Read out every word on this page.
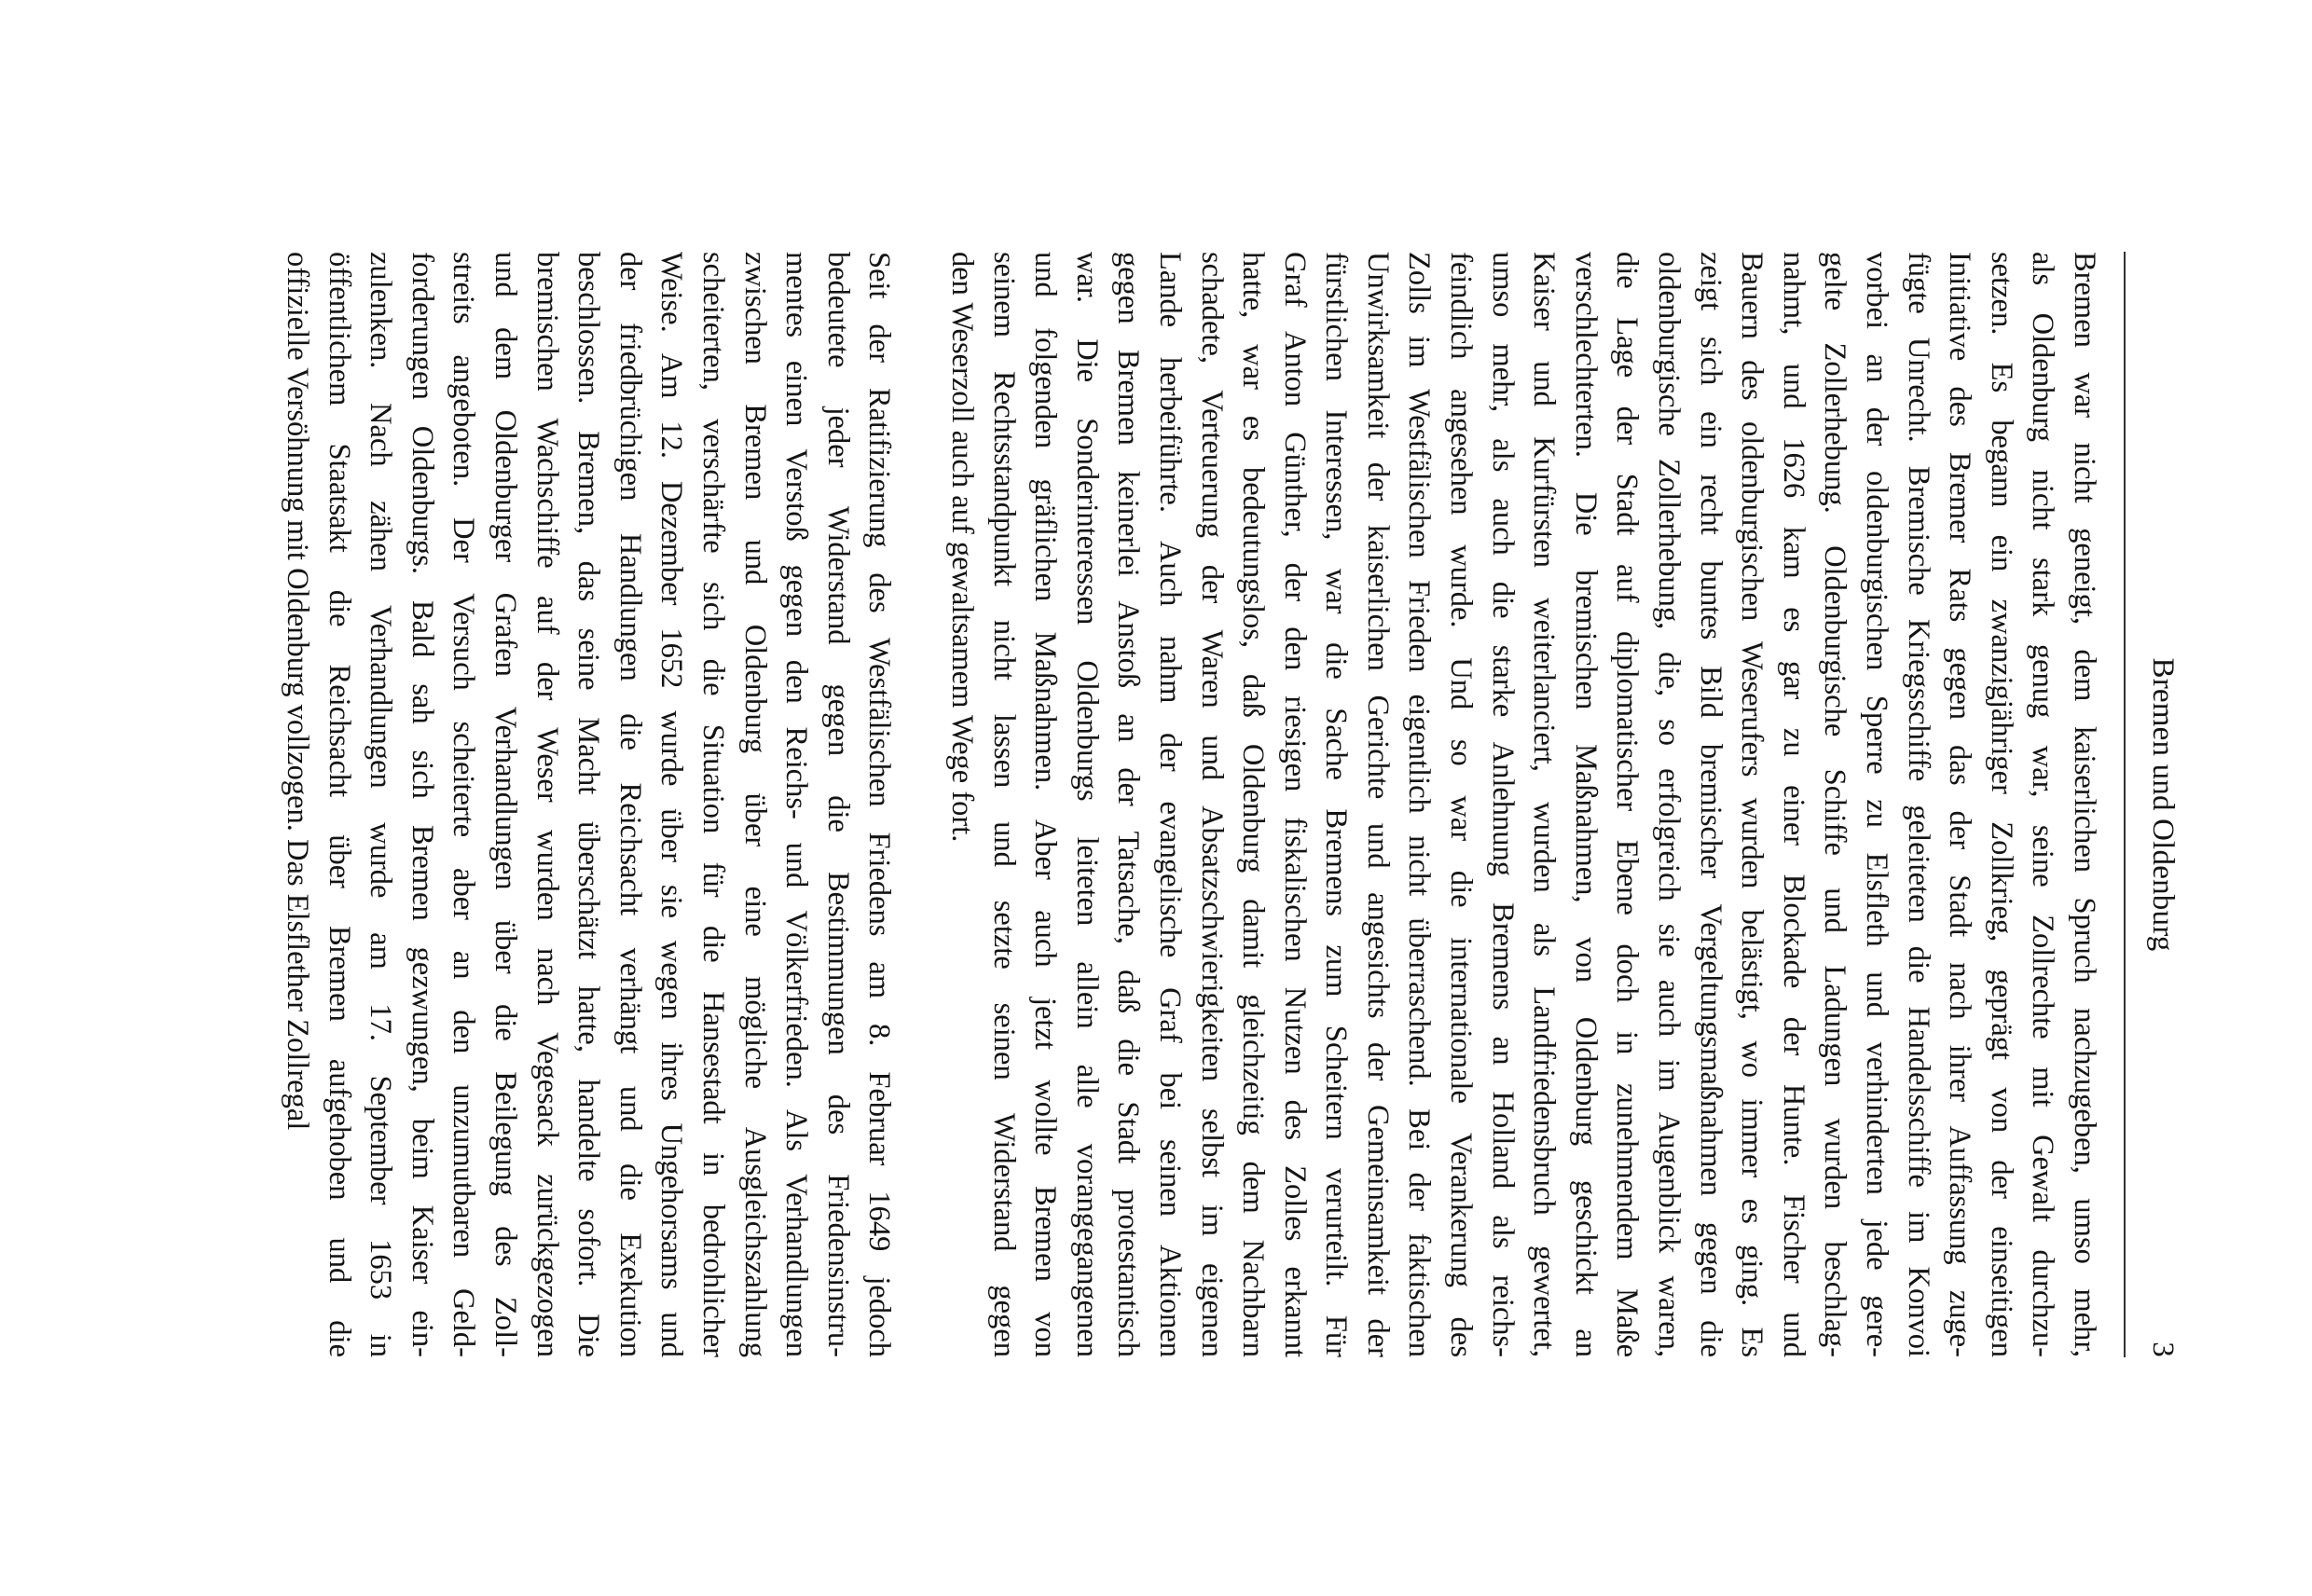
Bremen und Oldenburg
3
Bremen war nicht geneigt, dem kaiserlichen Spruch nachzugeben, umso mehr,
als Oldenburg nicht stark genug war, seine Zollrechte mit Gewalt durchzu-
setzen. Es begann ein zwanzigjähriger Zollkrieg, geprägt von der einseitigen
Initiative des Bremer Rats gegen das der Stadt nach ihrer Auffassung zuge-
fügte Unrecht. Bremische Kriegsschiffe geleiteten die Handelsschiffe im Konvoi
vorbei an der oldenburgischen Sperre zu Elsfleth und verhinderten jede gere-
gelte Zollerhebung. Oldenburgische Schiffe und Ladungen wurden beschlag-
nahmt, und 1626 kam es gar zu einer Blockade der Hunte. Fischer und
Bauern des oldenburgischen Weserufers wurden belästigt, wo immer es ging. Es
zeigt sich ein recht buntes Bild bremischer Vergeltungsmaßnahmen gegen die
oldenburgische Zollerhebung, die, so erfolgreich sie auch im Augenblick waren,
die Lage der Stadt auf diplomatischer Ebene doch in zunehmendem Maße
verschlechterten. Die bremischen Maßnahmen, von Oldenburg geschickt an
Kaiser und Kurfürsten weiterlanciert, wurden als Landfriedensbruch gewertet,
umso mehr, als auch die starke Anlehnung Bremens an Holland als reichs-
feindlich angesehen wurde. Und so war die internationale Verankerung des
Zolls im Westfälischen Frieden eigentlich nicht überraschend. Bei der faktischen
Unwirksamkeit der kaiserlichen Gerichte und angesichts der Gemeinsamkeit der
fürstlichen Interessen, war die Sache Bremens zum Scheitern verurteilt. Für
Graf Anton Günther, der den riesigen fiskalischen Nutzen des Zolles erkannt
hatte, war es bedeutungslos, daß Oldenburg damit gleichzeitig dem Nachbarn
schadete, Verteuerung der Waren und Absatzschwierigkeiten selbst im eigenen
Lande herbeiführte. Auch nahm der evangelische Graf bei seinen Aktionen
gegen Bremen keinerlei Anstoß an der Tatsache, daß die Stadt protestantisch
war. Die Sonderinteressen Oldenburgs leiteten allein alle vorangegangenen
und folgenden gräflichen Maßnahmen. Aber auch jetzt wollte Bremen von
seinem Rechtsstandpunkt nicht lassen und setzte seinen Widerstand gegen
den Weserzoll auch auf gewaltsamem Wege fort.
Seit der Ratifizierung des Westfälischen Friedens am 8. Februar 1649 jedoch
bedeutete jeder Widerstand gegen die Bestimmungen des Friedensinstru-
mentes einen Verstoß gegen den Reichs- und Völkerfrieden. Als Verhandlungen
zwischen Bremen und Oldenburg über eine mögliche Ausgleichszahlung
scheiterten, verschärfte sich die Situation für die Hansestadt in bedrohlicher
Weise. Am 12. Dezember 1652 wurde über sie wegen ihres Ungehorsams und
der friedbrüchigen Handlungen die Reichsacht verhängt und die Exekution
beschlossen. Bremen, das seine Macht überschätzt hatte, handelte sofort. Die
bremischen Wachschiffe auf der Weser wurden nach Vegesack zurückgezogen
und dem Oldenburger Grafen Verhandlungen über die Beilegung des Zoll-
streits angeboten. Der Versuch scheiterte aber an den unzumutbaren Geld-
forderungen Oldenburgs. Bald sah sich Bremen gezwungen, beim Kaiser ein-
zulenken. Nach zähen Verhandlungen wurde am 17. September 1653 in
öffentlichem Staatsakt die Reichsacht über Bremen aufgehoben und die
offizielle Versöhnung mit Oldenburg vollzogen. Das Elsflether Zollregal
